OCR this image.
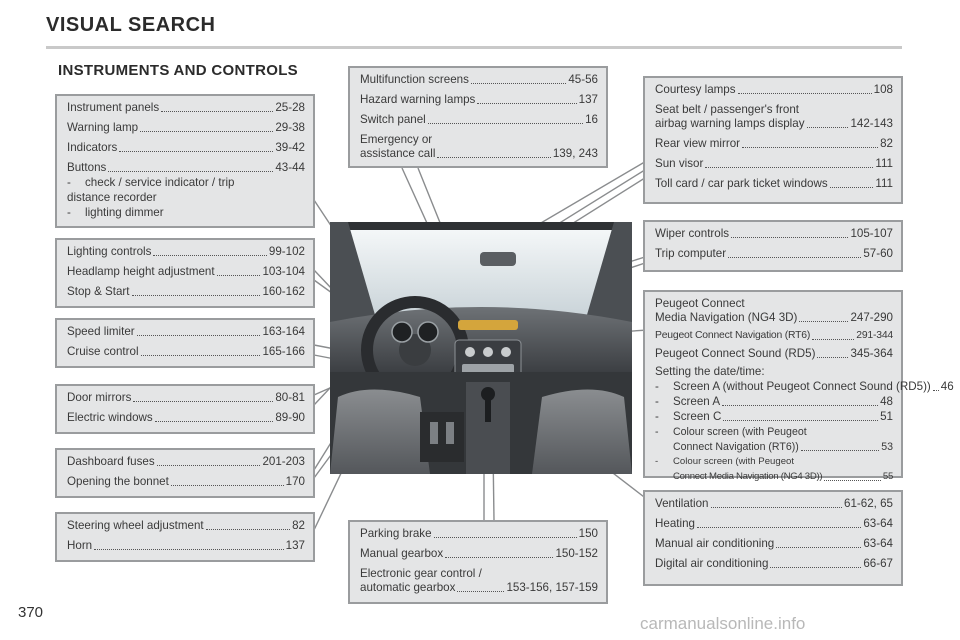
VISUAL SEARCH
INSTRUMENTS AND CONTROLS
Instrument panels	25-28
Warning lamp	29-38
Indicators	39-42
Buttons	43-44
- check / service indicator / trip
distance recorder
- lighting dimmer
Lighting controls	99-102
Headlamp height adjustment	103-104
Stop & Start	160-162
Speed limiter	163-164
Cruise control	165-166
Door mirrors	80-81
Electric windows	89-90
Dashboard fuses	201-203
Opening the bonnet	170
Steering wheel adjustment	82
Horn	137
Multifunction screens	45-56
Hazard warning lamps	137
Switch panel	16
Emergency or
assistance call	139, 243
Parking brake	150
Manual gearbox	150-152
Electronic gear control /
automatic gearbox	153-156, 157-159
Courtesy lamps	108
Seat belt / passenger's front
airbag warning lamps display	142-143
Rear view mirror	82
Sun visor	111
Toll card / car park ticket windows	111
Wiper controls	105-107
Trip computer	57-60
Peugeot Connect
Media Navigation (NG4 3D)	247-290
Peugeot Connect Navigation (RT6)	291-344
Peugeot Connect Sound (RD5)	345-364
Setting the date/time:
-	Screen A (without Peugeot Connect Sound (RD5)) 46
-	Screen A	48
-	Screen C	51
-	Colour screen (with Peugeot
Connect Navigation (RT6))	53
-	Colour screen (with Peugeot
Connect Media Navigation (NG4 3D))	55
Ventilation	61-62, 65
Heating	63-64
Manual air conditioning	63-64
Digital air conditioning	66-67
370
carmanualsonline.info
